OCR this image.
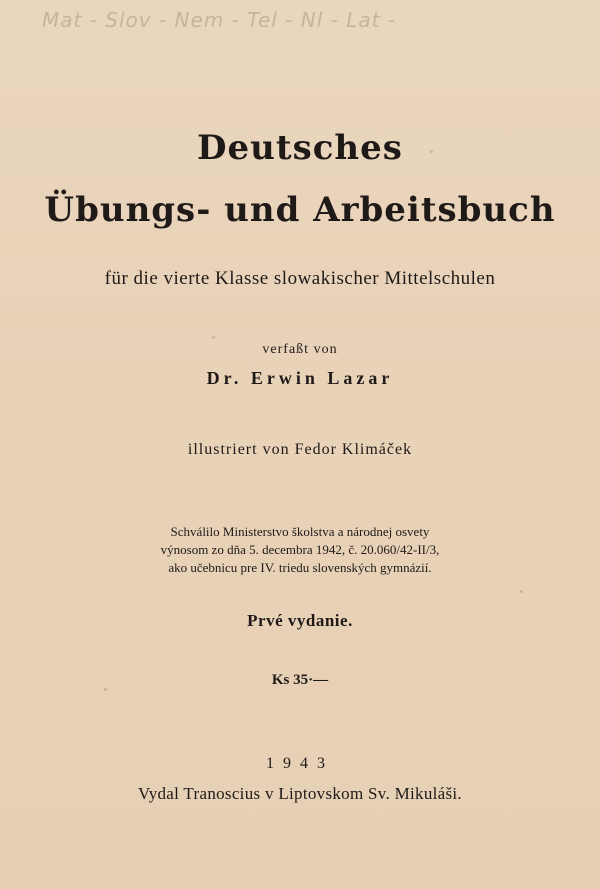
Mat - Slov - Nem - Tel - Nl - Lat -
Deutsches
Übungs- und Arbeitsbuch
für die vierte Klasse slowakischer Mittelschulen
verfaßt von
Dr. Erwin Lazar
illustriert von Fedor Klimáček
Schválilo Ministerstvo školstva a národnej osvety
výnosom zo dňa 5. decembra 1942, č. 20.060/42-II/3,
ako učebnicu pre IV. triedu slovenských gymnázií.
Prvé vydanie.
Ks 35·—
1943
Vydal Tranoscius v Liptovskom Sv. Mikuláši.
